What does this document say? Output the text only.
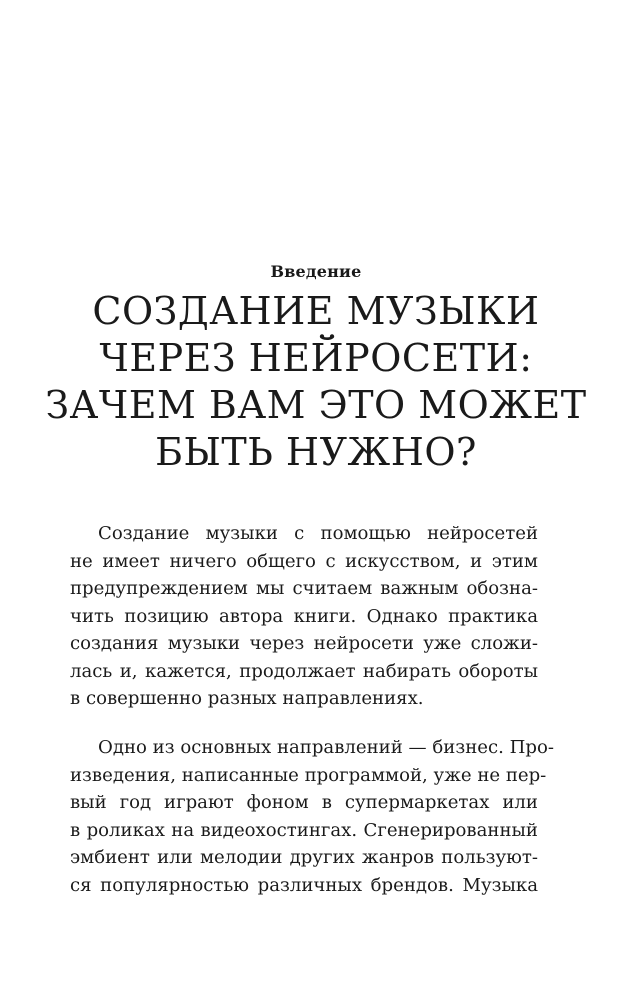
Введение
СОЗДАНИЕ МУЗЫКИ
ЧЕРЕЗ НЕЙРОСЕТИ:
ЗАЧЕМ ВАМ ЭТО МОЖЕТ
БЫТЬ НУЖНО?
Создание музыки с помощью нейросетей
не имеет ничего общего с искусством, и этим
предупреждением мы считаем важным обозна-
чить позицию автора книги. Однако практика
создания музыки через нейросети уже сложи-
лась и, кажется, продолжает набирать обороты
в совершенно разных направлениях.
Одно из основных направлений — бизнес. Про-
изведения, написанные программой, уже не пер-
вый год играют фоном в супермаркетах или
в роликах на видеохостингах. Сгенерированный
эмбиент или мелодии других жанров пользуют-
ся популярностью различных брендов. Музыка
